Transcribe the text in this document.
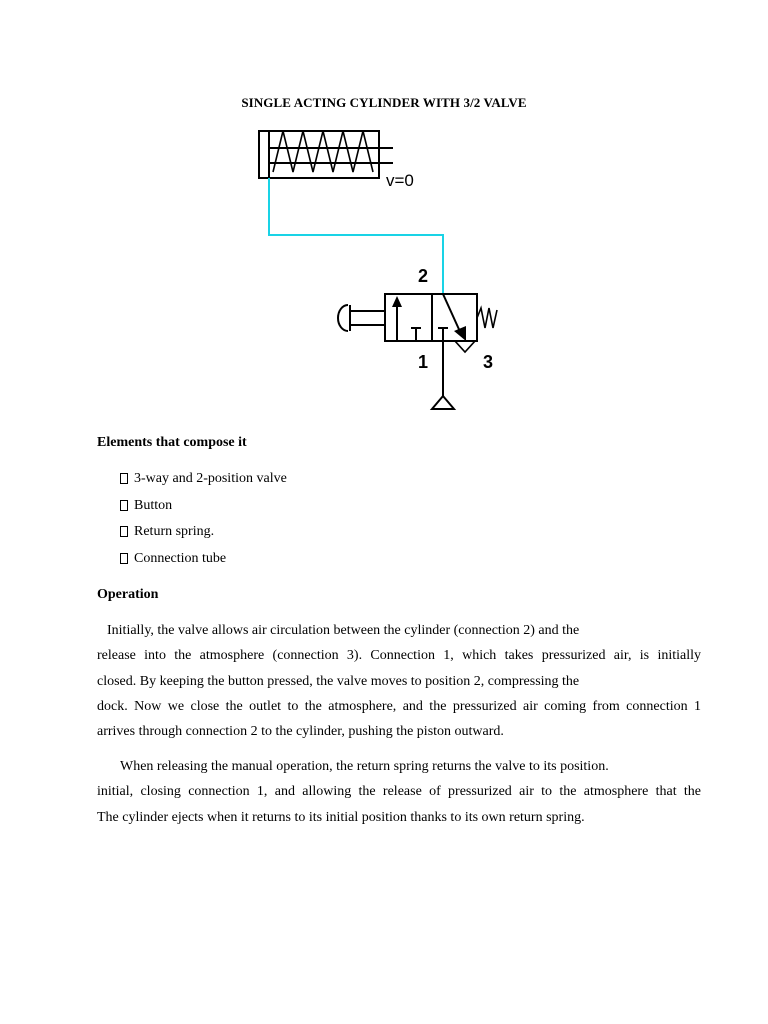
SINGLE ACTING CYLINDER WITH 3/2 VALVE
v=0
2
1	3
Elements that compose it
3-way and 2-position valve
Button
Return spring.
Connection tube
Operation
Initially, the valve allows air circulation between the cylinder (connection 2) and the
release into the atmosphere (connection 3). Connection 1, which takes pressurized air, is initially
closed. By keeping the button pressed, the valve moves to position 2, compressing the
dock. Now we close the outlet to the atmosphere, and the pressurized air coming from connection 1
arrives through connection 2 to the cylinder, pushing the piston outward.
When releasing the manual operation, the return spring returns the valve to its position.
initial, closing connection 1, and allowing the release of pressurized air to the atmosphere that the
The cylinder ejects when it returns to its initial position thanks to its own return spring.
